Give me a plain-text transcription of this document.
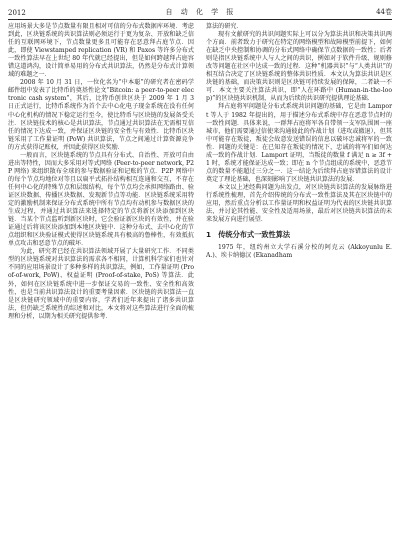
2012	自 动 化 学 报	44卷

应用场景大多是节点数量有限且相对可信的分布式数据库环境．考虑到此，区块链系统的共识算法则必须运行于更为复杂、开放和缺乏信任的互联网环境下，节点数量更多且可能存在恶意拜占庭节点．因此，即使 Viewstamped replication (VR) 和 Paxos 等许多分布式一致性算法早在上世纪 80 年代就已经提出，但是如何跨越拜占庭容错这道鸿沟，设计简单易用的分布式共识算法，仍然是分布式计算领域的难题之一．

2008 年 10 月 31 日，一位化名为“中本聪”的研究者在密码学邮件组中发表了比特币的奠基性论文“Bitcoin: a peer-to-peer electronic cash system”，其后，比特币创世区块于 2009 年 1 月 3 日正式运行，比特币系统作为首个去中心化电子现金系统在没有任何中心化机构的情况下稳定运行至今，使比特币与区块链的发展备受关注．区块链技术的核心是共识算法，节点通过共识算法在无需相互信任的情况下达成一致，并保证区块链的安全性与有效性．比特币区块链采用了工作量证明 (PoW) 共识算法，节点之间通过计算资源竞争的方式获得记账权，并因此获得区块奖励．

一般而言，区块链系统的节点具有分布式、自治性、开放可自由进出等特性，因而大多采用对等式网络 (Peer-to-peer network, P2P 网络) 来组织散布全球的参与数据验证和记账的节点．P2P 网络中的每个节点均地位对等且以扁平式拓扑结构相互连通和交互，不存在任何中心化的特殊节点和层级结构，每个节点均会承担网络路由、验证区块数据、传播区块数据、发现新节点等功能．区块链系统采用特定的激励机制来保证分布式系统中所有节点均有动机参与数据区块的生成过程，并通过共识算法来选择特定的节点将新区块添加到区块链．当某个节点监听到新区块时，它会验证新区块的有效性，并在验证通过后将该区块添加到本地区块链中．这种分布式、去中心化的节点组织和区块验证模式使得区块链系统具有极高的鲁棒性，有效抵抗单点攻击和恶意节点的破坏．

为此，研究者已经在共识算法领域开展了大量研究工作．不同类型的区块链系统对共识算法的需求各不相同，计算机科学家们也针对不同的应用场景设计了多种多样的共识算法，例如，工作量证明 (Proof-of-work, PoW)、权益证明 (Proof-of-stake, PoS) 等算法．此外，如何在区块链系统中进一步保证交易的一致性、安全性和高效性，也是当前共识算法设计的重要考量因素．区块链的共识算法一直是区块链研究领域中的重要内容，学者们近年来提出了诸多共识算法，但仍缺乏系统性的综述和对比，本文将对这些算法进行全面的梳理和分析，以期为相关研究提供参考．

算法的研究．

现有文献研究的共识问题实际上可以分为算法共识和决策共识两个方面．前者致力于研究在特定的网络模型和故障模型前提下，如何在缺乏中央控制和协调的分布式网络中确保节点数据的一致性；后者则是指区块链系统中人与人之间的共识，例如对于软件升级、规则修改等问题在社区中达成一致的过程．这种“机器共识”与“人类共识”的相互结合决定了区块链系统的整体共识性质．本文认为算法共识是区块链的基础，而决策共识则是区块链可持续发展的保障，二者缺一不可．本文主要关注算法共识，即“人在环路中 (Human-in-the-loop)”的区块链共识机制，从而为后续的共识研究提供理论基础．

拜占庭将军问题是分布式系统共识问题的基础，它是由 Lamport 等人于 1982 年提出的，用于描述分布式系统中存在恶意节点时的一致性问题．具体来说，一群拜占庭将军各自带领一支军队围困一座城市，他们需要通过信使来沟通彼此的作战计划（进攻或撤退），但其中可能存在叛徒，叛徒会故意发送错误的信息以破坏忠诚将军的一致性．问题的关键是：在已知存在叛徒的情况下，忠诚的将军们如何达成一致的作战计划．Lamport 证明，当叛徒的数量 f 满足 n ≥ 3f + 1 时，系统才能保证达成一致；即在 n 个节点组成的系统中，恶意节点的数量不能超过三分之一．这一结论为后续拜占庭容错算法的设计奠定了理论基础，也深刻影响了区块链共识算法的发展．

本文以上述经典问题为出发点，对区块链共识算法的发展脉络进行系统性梳理，首先介绍传统的分布式一致性算法及其在区块链中的应用，然后重点分析以工作量证明和权益证明为代表的区块链共识算法，并讨论其性能、安全性及适用场景，最后对区块链共识算法的未来发展方向进行展望．

1　传统分布式一致性算法

1975 年，纽约州立大学石溪分校的阿克云 (Akkoyunlu E. A.)、埃卡纳德汉 (Ekanadham
